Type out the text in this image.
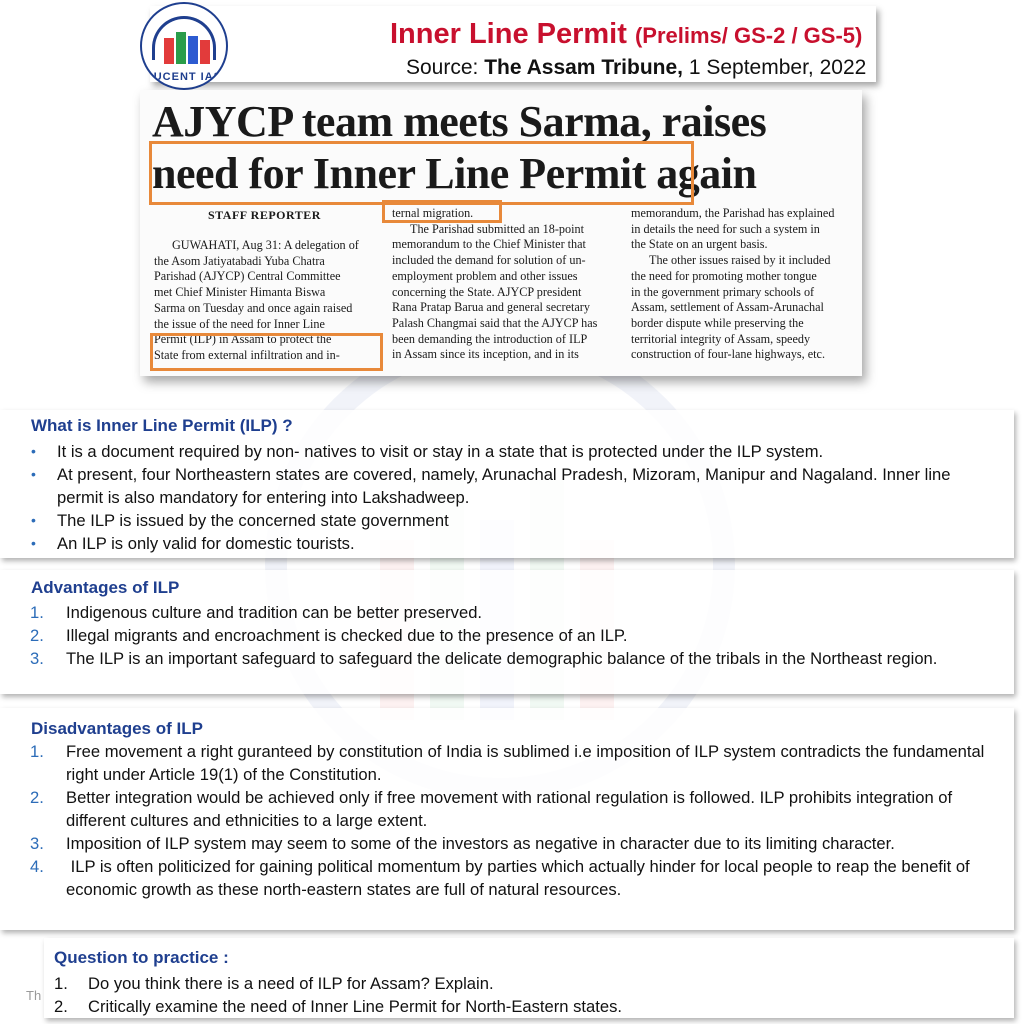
Inner Line Permit (Prelims/ GS-2 / GS-5)
Source: The Assam Tribune, 1 September, 2022
LUCENT IAS
AJYCP team meets Sarma, raises
need for Inner Line Permit again
STAFF REPORTER

GUWAHATI, Aug 31: A delegation of

the Asom Jatiyatabadi Yuba Chatra

Parishad (AJYCP) Central Committee

met Chief Minister Himanta Biswa

Sarma on Tuesday and once again raised

the issue of the need for Inner Line

Permit (ILP) in Assam to protect the

State from external infiltration and in-

ternal migration.

The Parishad submitted an 18-point

memorandum to the Chief Minister that

included the demand for solution of un-

employment problem and other issues

concerning the State. AJYCP president

Rana Pratap Barua and general secretary

Palash Changmai said that the AJYCP has

been demanding the introduction of ILP

in Assam since its inception, and in its

memorandum, the Parishad has explained

in details the need for such a system in

the State on an urgent basis.

The other issues raised by it included

the need for promoting mother tongue

in the government primary schools of

Assam, settlement of Assam-Arunachal

border dispute while preserving the

territorial integrity of Assam, speedy

construction of four-lane highways, etc.

What is Inner Line Permit (ILP) ?
• It is a document required by non- natives to visit or stay in a state that is protected under the ILP system.
• At present, four Northeastern states are covered, namely, Arunachal Pradesh, Mizoram, Manipur and Nagaland. Inner line permit is also mandatory for entering into Lakshadweep.
• The ILP is issued by the concerned state government
• An ILP is only valid for domestic tourists.
Advantages of ILP
1. Indigenous culture and tradition can be better preserved.
2. Illegal migrants and encroachment is checked due to the presence of an ILP.
3. The ILP is an important safeguard to safeguard the delicate demographic balance of the tribals in the Northeast region.
Disadvantages of ILP
1. Free movement a right guranteed by constitution of India is sublimed i.e imposition of ILP system contradicts the fundamental right under Article 19(1) of the Constitution.
2. Better integration would be achieved only if free movement with rational regulation is followed. ILP prohibits integration of different cultures and ethnicities to a large extent.
3. Imposition of ILP system may seem to some of the investors as negative in character due to its limiting character.
4. ILP is often politicized for gaining political momentum by parties which actually hinder for local people to reap the benefit of economic growth as these north-eastern states are full of natural resources.
Question to practice :
1. Do you think there is a need of ILP for Assam? Explain.
2. Critically examine the need of Inner Line Permit for North-Eastern states.
Th
